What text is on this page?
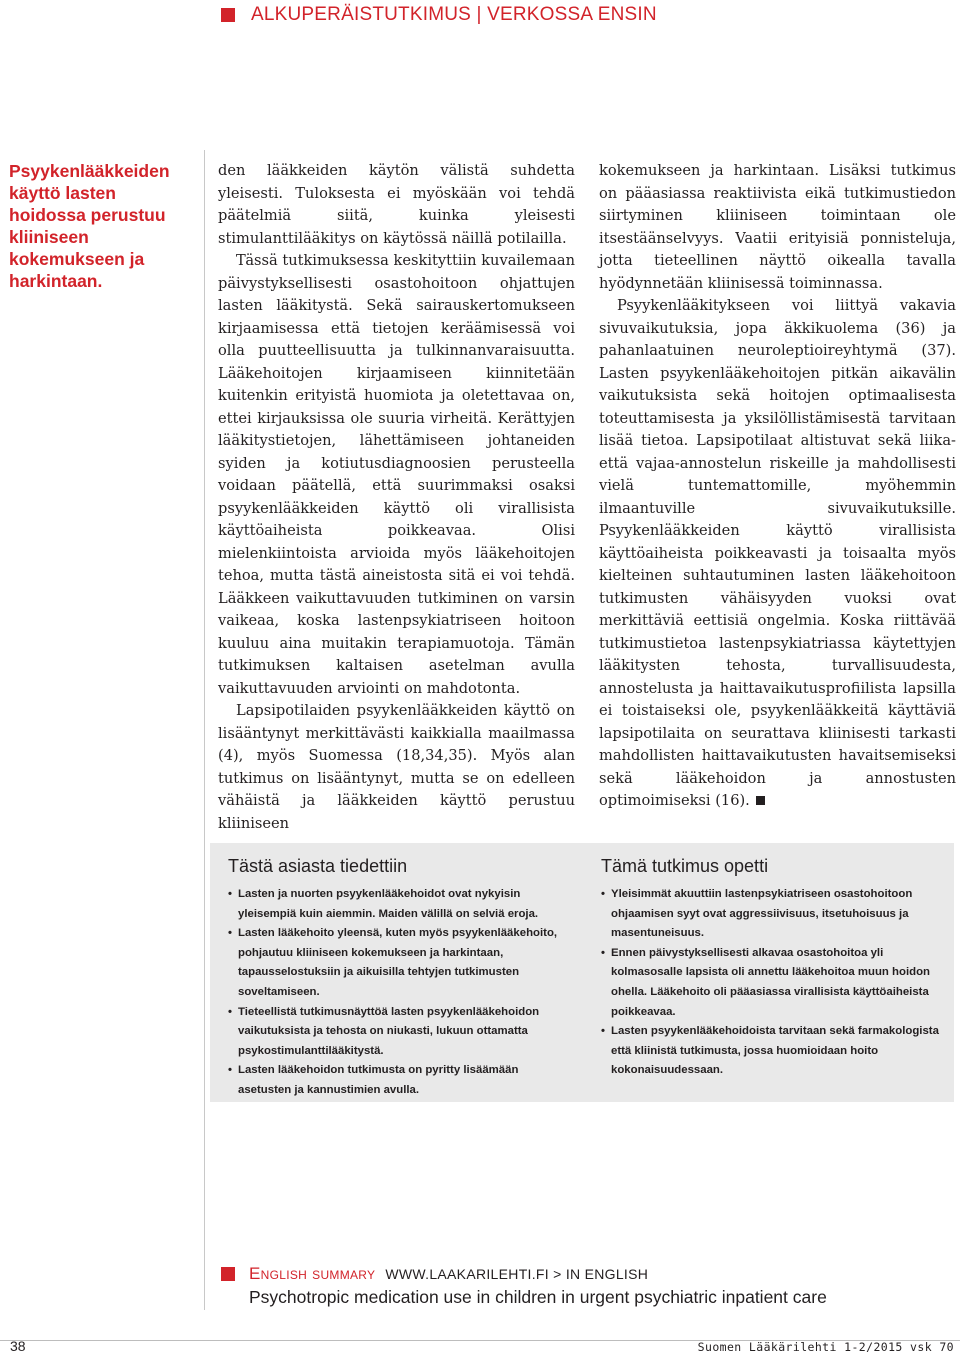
ALKUPERÄISTUTKIMUS | VERKOSSA ENSIN
Psyykenlääkkeiden käyttö lasten hoidossa perustuu kliiniseen kokemukseen ja harkintaan.

den lääkkeiden käytön välistä suhdetta yleisesti. Tuloksesta ei myöskään voi tehdä päätelmiä siitä, kuinka yleisesti stimulanttilääkitys on käytössä näillä potilailla.

Tässä tutkimuksessa keskityttiin kuvailemaan päivystyksellisesti osastohoitoon ohjattujen lasten lääkitystä. Sekä sairauskertomukseen kirjaamisessa että tietojen keräämisessä voi olla puutteellisuutta ja tulkinnanvaraisuutta. Lääkehoitojen kirjaamiseen kiinnitetään kuitenkin erityistä huomiota ja oletettavaa on, ettei kirjauksissa ole suuria virheitä. Kerättyjen lääkitystietojen, lähettämiseen johtaneiden syiden ja kotiutusdiagnoosien perusteella voidaan päätellä, että suurimmaksi osaksi psyykenlääkkeiden käyttö oli virallisista käyttöaiheista poikkeavaa. Olisi mielenkiintoista arvioida myös lääkehoitojen tehoa, mutta tästä aineistosta sitä ei voi tehdä. Lääkkeen vaikuttavuuden tutkiminen on varsin vaikeaa, koska lastenpsykiatriseen hoitoon kuuluu aina muitakin terapiamuotoja. Tämän tutkimuksen kaltaisen asetelman avulla vaikuttavuuden arviointi on mahdotonta.

Lapsipotilaiden psyykenlääkkeiden käyttö on lisääntynyt merkittävästi kaikkialla maailmassa (4), myös Suomessa (18,34,35). Myös alan tutkimus on lisääntynyt, mutta se on edelleen vähäistä ja lääkkeiden käyttö perustuu kliiniseen

kokemukseen ja harkintaan. Lisäksi tutkimus on pääasiassa reaktiivista eikä tutkimustiedon siirtyminen kliiniseen toimintaan ole itsestäänselvyys. Vaatii erityisiä ponnisteluja, jotta tieteellinen näyttö oikealla tavalla hyödynnetään kliinisessä toiminnassa.

Psyykenlääkitykseen voi liittyä vakavia sivuvaikutuksia, jopa äkkikuolema (36) ja pahanlaatuinen neuroleptioireyhtymä (37). Lasten psyykenlääkehoitojen pitkän aikavälin vaikutuksista sekä hoitojen optimaalisesta toteuttamisesta ja yksilöllistämisestä tarvitaan lisää tietoa. Lapsipotilaat altistuvat sekä liika- että vajaa-annostelun riskeille ja mahdollisesti vielä tuntemattomille, myöhemmin ilmaantuville sivuvaikutuksille. Psyykenlääkkeiden käyttö virallisista käyttöaiheista poikkeavasti ja toisaalta myös kielteinen suhtautuminen lasten lääkehoitoon tutkimusten vähäisyyden vuoksi ovat merkittäviä eettisiä ongelmia. Koska riittävää tutkimustietoa lastenpsykiatriassa käytettyjen lääkitysten tehosta, turvallisuudesta, annostelusta ja haittavaikutusprofiilista lapsilla ei toistaiseksi ole, psyykenlääkkeitä käyttäviä lapsipotilaita on seurattava kliinisesti tarkasti mahdollisten haittavaikutusten havaitsemiseksi sekä lääkehoidon ja annostusten optimoimiseksi (16).

Tästä asiasta tiedettiin
• Lasten ja nuorten psyykenlääkehoidot ovat nykyisin yleisempiä kuin aiemmin. Maiden välillä on selviä eroja.
• Lasten lääkehoito yleensä, kuten myös psyykenlääkehoito, pohjautuu kliiniseen kokemukseen ja harkintaan, tapausselostuksiin ja aikuisilla tehtyjen tutkimusten soveltamiseen.
• Tieteellistä tutkimusnäyttöä lasten psyykenlääkehoidon vaikutuksista ja tehosta on niukasti, lukuun ottamatta psykostimulanttilääkitystä.
• Lasten lääkehoidon tutkimusta on pyritty lisäämään asetusten ja kannustimien avulla.
Tämä tutkimus opetti
• Yleisimmät akuuttiin lastenpsykiatriseen osastohoitoon ohjaamisen syyt ovat aggressiivisuus, itsetuhoisuus ja masentuneisuus.
• Ennen päivystyksellisesti alkavaa osastohoitoa yli kolmasosalle lapsista oli annettu lääkehoitoa muun hoidon ohella. Lääkehoito oli pääasiassa virallisista käyttöaiheista poikkeavaa.
• Lasten psyykenlääkehoidoista tarvitaan sekä farmakologista että kliinistä tutkimusta, jossa huomioidaan hoito kokonaisuudessaan.
English summary WWW.LAAKARILEHTI.FI > IN ENGLISH
Psychotropic medication use in children in urgent psychiatric inpatient care
38	Suomen Lääkärilehti 1-2/2015 vsk 70
